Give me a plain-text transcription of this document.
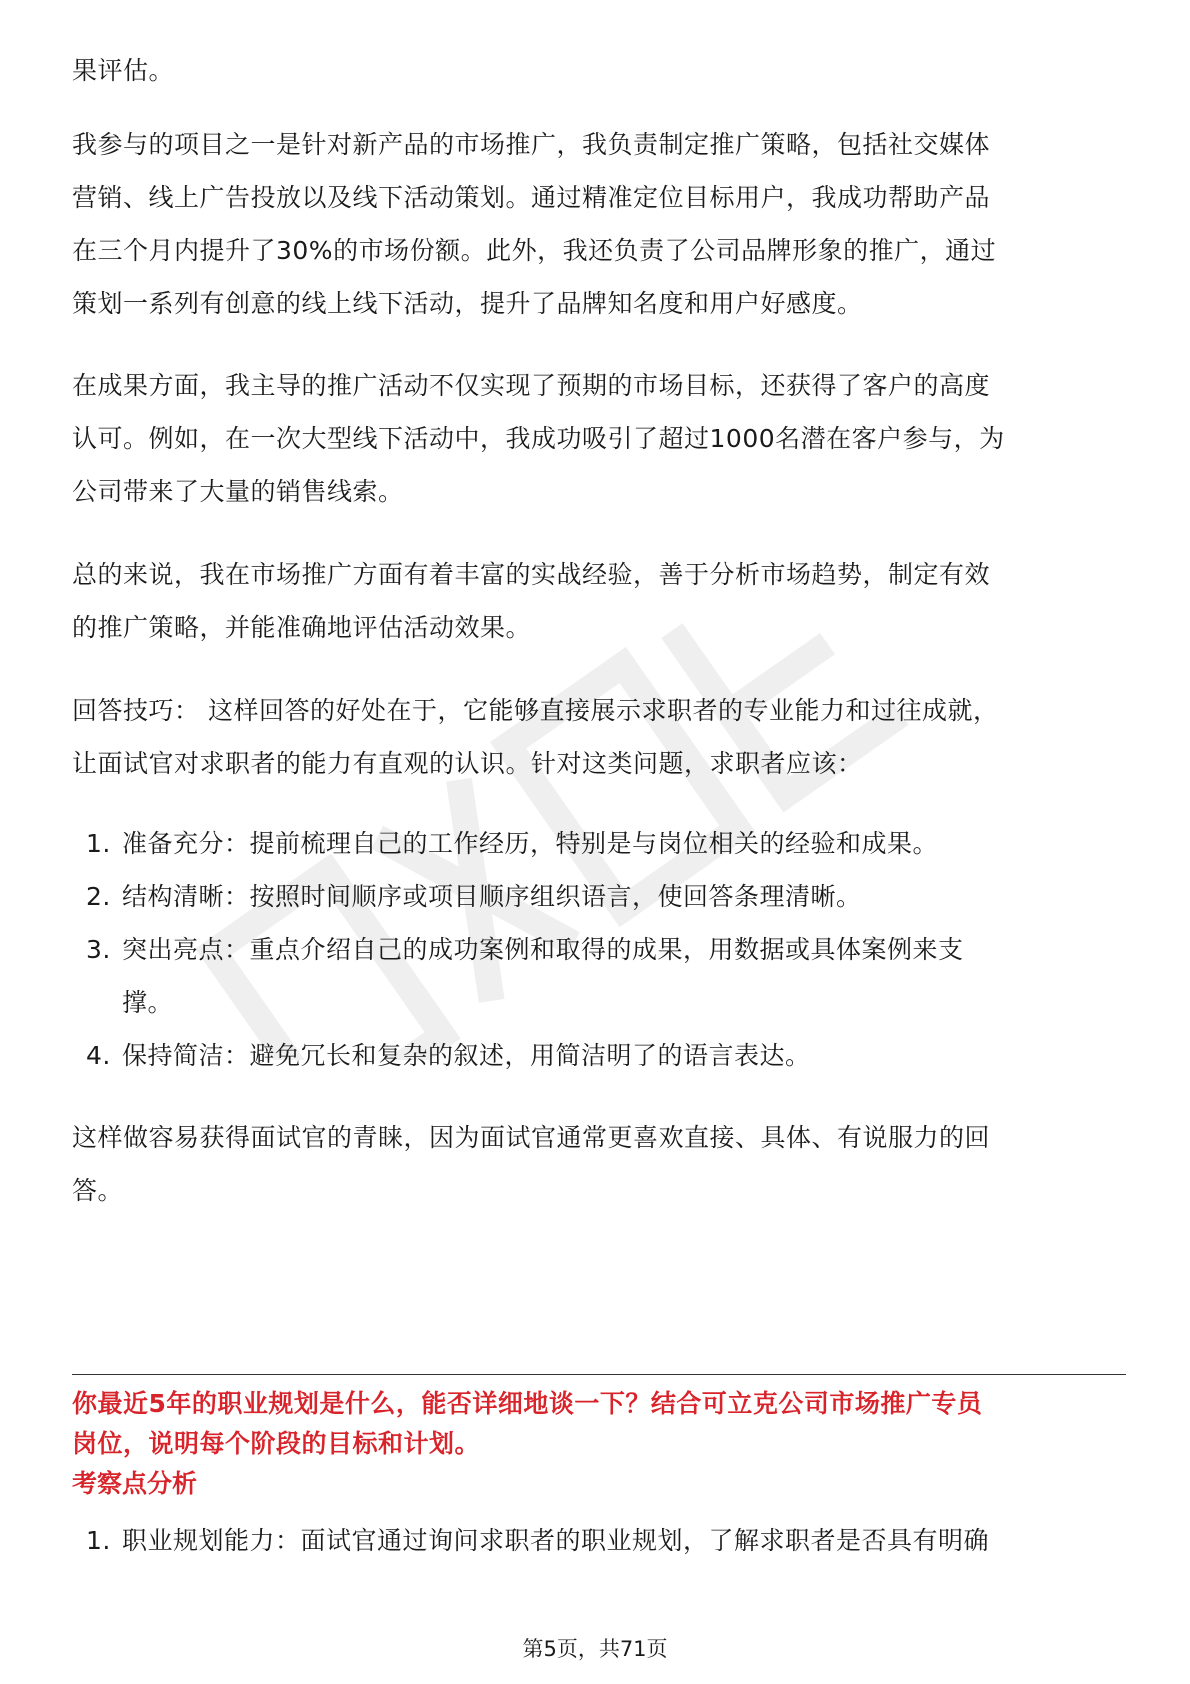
果评估。

我参与的项目之一是针对新产品的市场推广，我负责制定推广策略，包括社交媒体

营销、线上广告投放以及线下活动策划。通过精准定位目标用户，我成功帮助产品

在三个月内提升了30%的市场份额。此外，我还负责了公司品牌形象的推广，通过

策划一系列有创意的线上线下活动，提升了品牌知名度和用户好感度。

在成果方面，我主导的推广活动不仅实现了预期的市场目标，还获得了客户的高度

认可。例如，在一次大型线下活动中，我成功吸引了超过1000名潜在客户参与，为

公司带来了大量的销售线索。

总的来说，我在市场推广方面有着丰富的实战经验，善于分析市场趋势，制定有效

的推广策略，并能准确地评估活动效果。

回答技巧： 这样回答的好处在于，它能够直接展示求职者的专业能力和过往成就，

让面试官对求职者的能力有直观的认识。针对这类问题，求职者应该：

1. 准备充分：提前梳理自己的工作经历，特别是与岗位相关的经验和成果。
2. 结构清晰：按照时间顺序或项目顺序组织语言，使回答条理清晰。
3. 突出亮点：重点介绍自己的成功案例和取得的成果，用数据或具体案例来支
撑。
4. 保持简洁：避免冗长和复杂的叙述，用简洁明了的语言表达。

这样做容易获得面试官的青睐，因为面试官通常更喜欢直接、具体、有说服力的回

答。

你最近5年的职业规划是什么，能否详细地谈一下？结合可立克公司市场推广专员
岗位，说明每个阶段的目标和计划。

考察点分析

1. 职业规划能力：面试官通过询问求职者的职业规划，了解求职者是否具有明确
第5页，共71页
